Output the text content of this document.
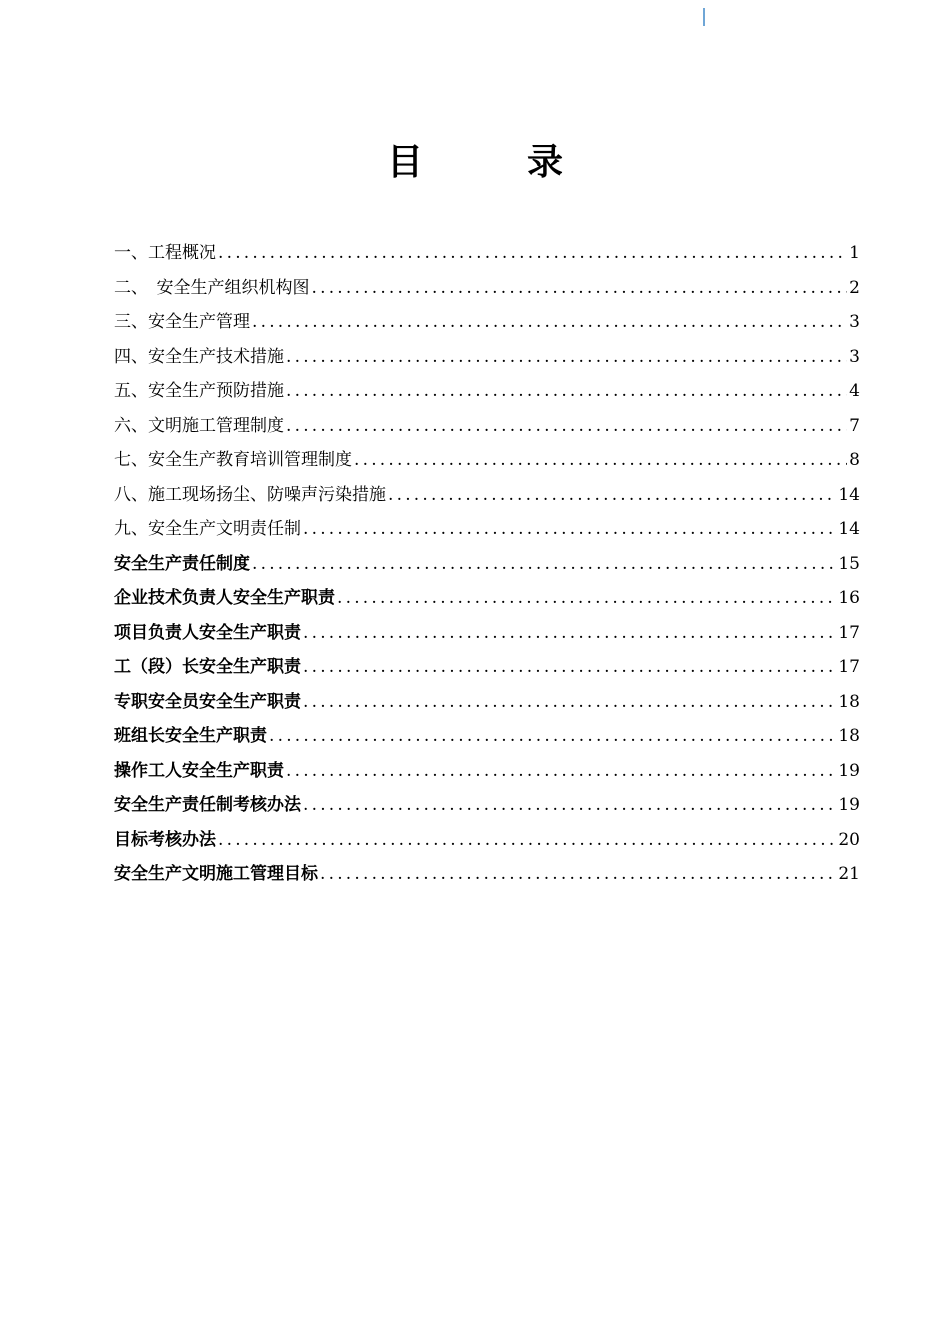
目　录
一、工程概况 .....	1
二、　安全生产组织机构图 .....	2
三、安全生产管理 .....	3
四、安全生产技术措施 .....	3
五、安全生产预防措施 .....	4
六、文明施工管理制度 .....	7
七、安全生产教育培训管理制度 .....	8
八、施工现场扬尘、防噪声污染措施 .....	14
九、安全生产文明责任制 .....	14
安全生产责任制度 .....	15
企业技术负责人安全生产职责 .....	16
项目负责人安全生产职责 .....	17
工（段）长安全生产职责 .....	17
专职安全员安全生产职责 .....	18
班组长安全生产职责 .....	18
操作工人安全生产职责 .....	19
安全生产责任制考核办法 .....	19
目标考核办法 .....	20
安全生产文明施工管理目标 .....	21
